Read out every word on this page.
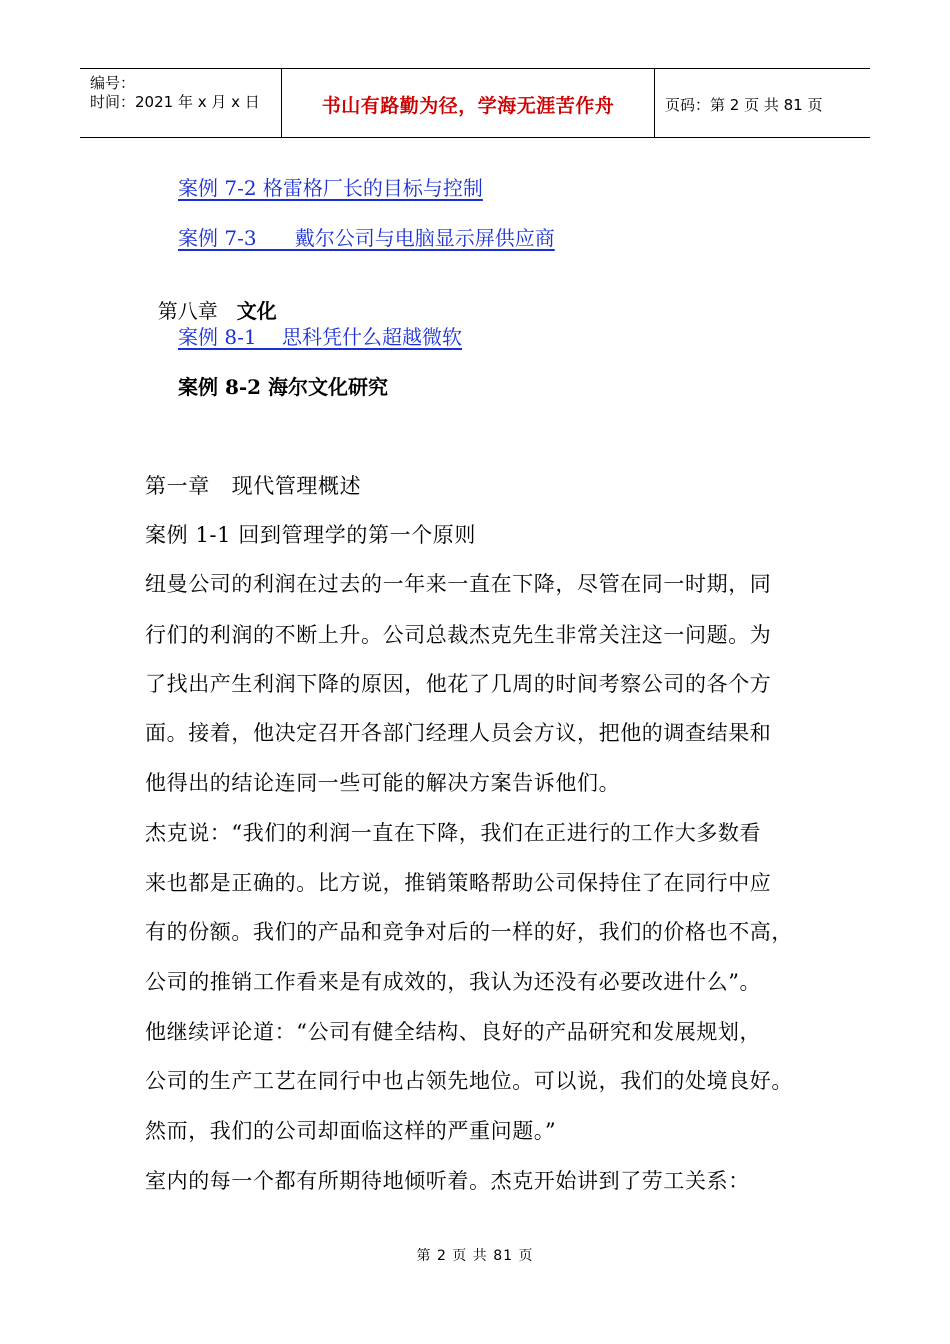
编号：
时间：2021 年 x 月 x 日	书山有路勤为径，学海无涯苦作舟	页码：第 2 页 共 81 页
案例 7-2 格雷格厂长的目标与控制
案例 7-3      戴尔公司与电脑显示屏供应商

第八章   文化

案例 8-1    思科凭什么超越微软
案例 8-2 海尔文化研究
第一章   现代管理概述
案例 1-1 回到管理学的第一个原则
纽曼公司的利润在过去的一年来一直在下降，尽管在同一时期，同
行们的利润的不断上升。公司总裁杰克先生非常关注这一问题。为
了找出产生利润下降的原因，他花了几周的时间考察公司的各个方
面。接着，他决定召开各部门经理人员会方议，把他的调查结果和
他得出的结论连同一些可能的解决方案告诉他们。
杰克说：“我们的利润一直在下降，我们在正进行的工作大多数看
来也都是正确的。比方说，推销策略帮助公司保持住了在同行中应
有的份额。我们的产品和竞争对后的一样的好，我们的价格也不高，
公司的推销工作看来是有成效的，我认为还没有必要改进什么”。
他继续评论道：“公司有健全结构、良好的产品研究和发展规划，
公司的生产工艺在同行中也占领先地位。可以说，我们的处境良好。
然而，我们的公司却面临这样的严重问题。”
室内的每一个都有所期待地倾听着。杰克开始讲到了劳工关系：
第 2 页 共 81 页
